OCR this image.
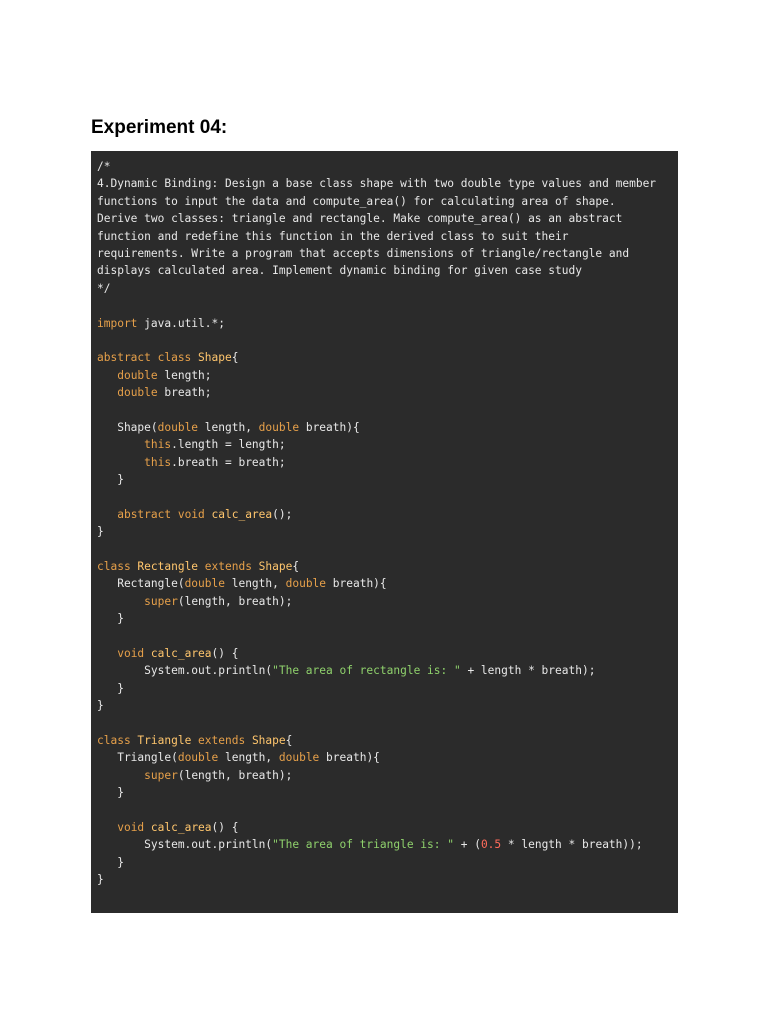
Experiment 04:
/*
4.Dynamic Binding: Design a base class shape with two double type values and member
functions to input the data and compute_area() for calculating area of shape.
Derive two classes: triangle and rectangle. Make compute_area() as an abstract
function and redefine this function in the derived class to suit their
requirements. Write a program that accepts dimensions of triangle/rectangle and
displays calculated area. Implement dynamic binding for given case study
*/

import java.util.*;

abstract class Shape{
double length;
double breath;

Shape(double length, double breath){
this.length = length;
this.breath = breath;
}

abstract void calc_area();
}

class Rectangle extends Shape{
Rectangle(double length, double breath){
super(length, breath);
}

void calc_area() {
System.out.println("The area of rectangle is: " + length * breath);
}
}

class Triangle extends Shape{
Triangle(double length, double breath){
super(length, breath);
}

void calc_area() {
System.out.println("The area of triangle is: " + (0.5 * length * breath));
}
}
